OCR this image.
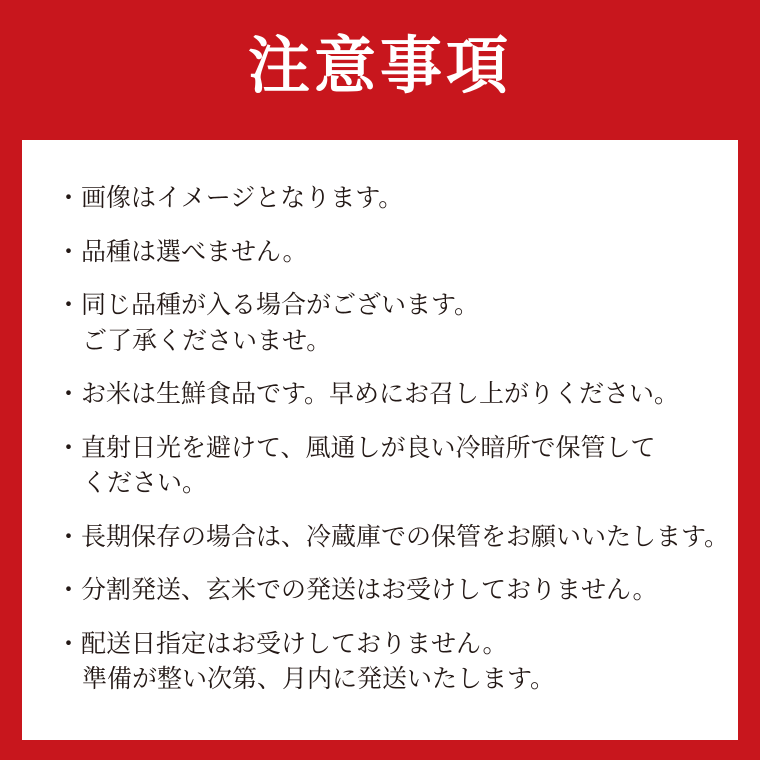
注意事項
・画像はイメージとなります。
・品種は選べません。
・同じ品種が入る場合がございます。
ご了承くださいませ。
・お米は生鮮食品です。早めにお召し上がりください。
・直射日光を避けて、風通しが良い冷暗所で保管して
ください。
・長期保存の場合は、冷蔵庫での保管をお願いいたします。
・分割発送、玄米での発送はお受けしておりません。
・配送日指定はお受けしておりません。
準備が整い次第、月内に発送いたします。
